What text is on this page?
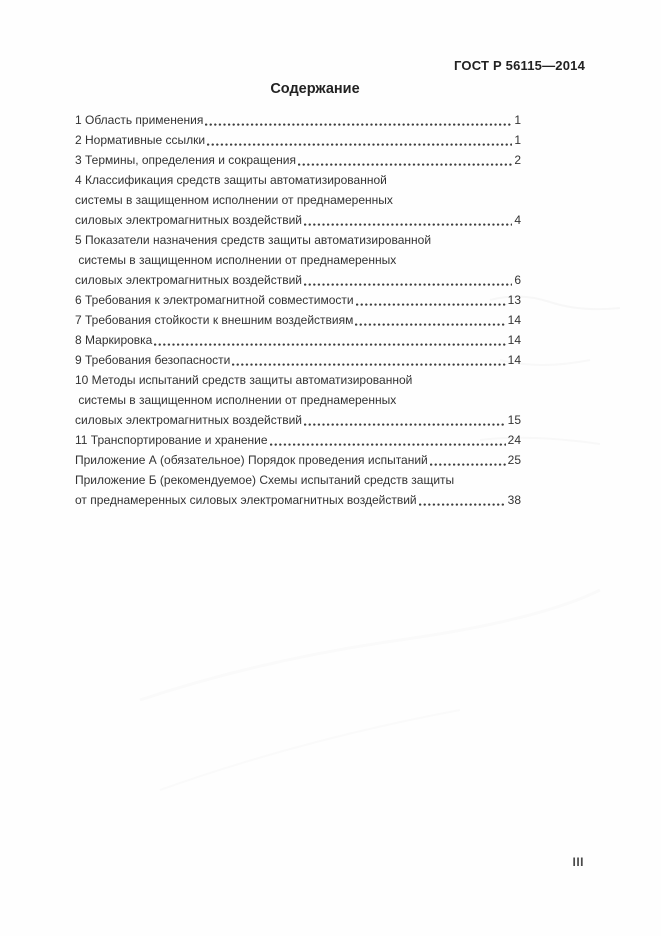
ГОСТ Р 56115—2014
Содержание
1 Область применения	1
2 Нормативные ссылки	1
3 Термины, определения и сокращения	2
4 Классификация средств защиты автоматизированной
системы в защищенном исполнении от преднамеренных
силовых электромагнитных воздействий	4
5 Показатели назначения средств защиты автоматизированной
системы в защищенном исполнении от преднамеренных
силовых электромагнитных воздействий	6
6 Требования к электромагнитной совместимости	13
7 Требования стойкости к внешним воздействиям	14
8 Маркировка	14
9 Требования безопасности	14
10 Методы испытаний средств защиты автоматизированной
системы в защищенном исполнении от преднамеренных
силовых электромагнитных воздействий	15
11 Транспортирование и хранение	24
Приложение А (обязательное) Порядок проведения испытаний	25
Приложение Б (рекомендуемое) Схемы испытаний средств защиты
от преднамеренных силовых электромагнитных воздействий	38
III
